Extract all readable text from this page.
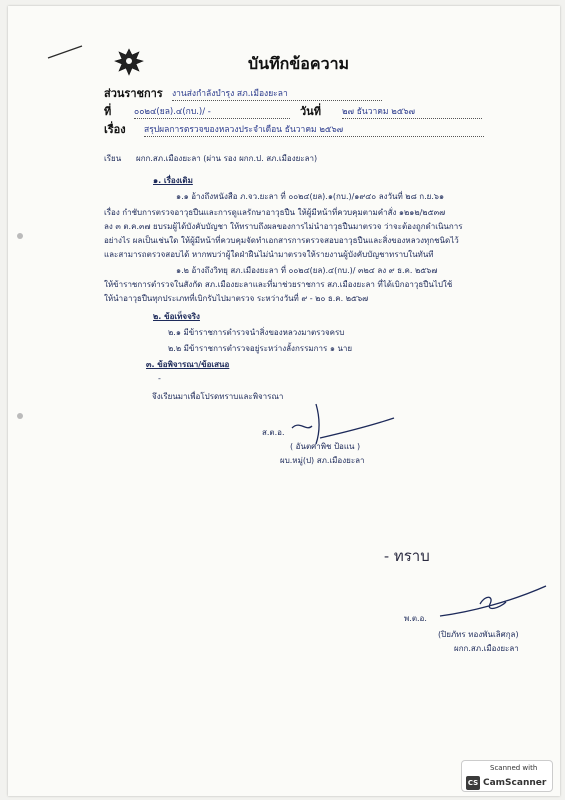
บันทึกข้อความ
ส่วนราชการ งานส่งกำลังบำรุง สภ.เมืองยะลา
ที่	๐๐๒๔(ยล).๔(กบ.)/ -	วันที่ ๒๗ ธันวาคม ๒๕๖๗
เรื่อง สรุปผลการตรวจของหลวงประจำเดือน ธันวาคม ๒๕๖๗
เรียน ผกก.สภ.เมืองยะลา (ผ่าน รอง ผกก.ป. สภ.เมืองยะลา)
๑. เรื่องเดิม
๑.๑ อ้างถึงหนังสือ ภ.จว.ยะลา ที่ ๐๐๒๔(ยล).๑(กบ.)/๑๙๔๐ ลงวันที่ ๒๘ ก.ย.๖๑
เรื่อง กำชับการตรวจอาวุธปืนและการดูแลรักษาอาวุธปืน ให้ผู้มีหน้าที่ควบคุมตามคำสั่ง ๑๒๑๒/๒๕๓๗
ลง ๓ ต.ค.๓๗ ยบรมผู้ได้บังคับบัญชา ให้ทราบถึงผลของการไม่นำอาวุธปืนมาตรวจ ว่าจะต้องถูกดำเนินการ
อย่างไร ผลเป็นเช่นใด ให้ผู้มีหน้าที่ควบคุมจัดทำเอกสารการตรวจสอบอาวุธปืนและสิ่งของหลวงทุกชนิดไว้
และสามารถตรวจสอบได้ หากพบว่าผู้ใดฝ่าฝืนไม่นำมาตรวจให้รายงานผู้บังคับบัญชาทราบในทันที
๑.๒ อ้างถึงวิทยุ สภ.เมืองยะลา ที่ ๐๐๒๔(ยล).๔(กบ.)/ ๓๒๔ ลง ๙ ธ.ค. ๒๕๖๗
ให้ข้าราชการตำรวจในสังกัด สภ.เมืองยะลาและที่มาช่วยราชการ สภ.เมืองยะลา ที่ได้เบิกอาวุธปืนไปใช้
ให้นำอาวุธปืนทุกประเภทที่เบิกรับไปมาตรวจ ระหว่างวันที่ ๙ - ๒๐ ธ.ค. ๒๕๖๗
๒. ข้อเท็จจริง
๒.๑ มีข้าราชการตำรวจนำสิ่งของหลวงมาตรวจครบ
๒.๒ มีข้าราชการตำรวจอยู่ระหว่างลั้งกรรมการ ๑ นาย
๓. ข้อพิจารณา/ข้อเสนอ
-
จึงเรียนมาเพื่อโปรดทราบและพิจารณา
ส.ต.อ.
( อันตศาพิช ป้อแน )
ผบ.หมู่(ป) สภ.เมืองยะลา
- ทราบ
พ.ต.อ.
(ปิยภัทร ทองพันเลิศกุล)
ผกก.สภ.เมืองยะลา
Scanned with
CS CamScanner
